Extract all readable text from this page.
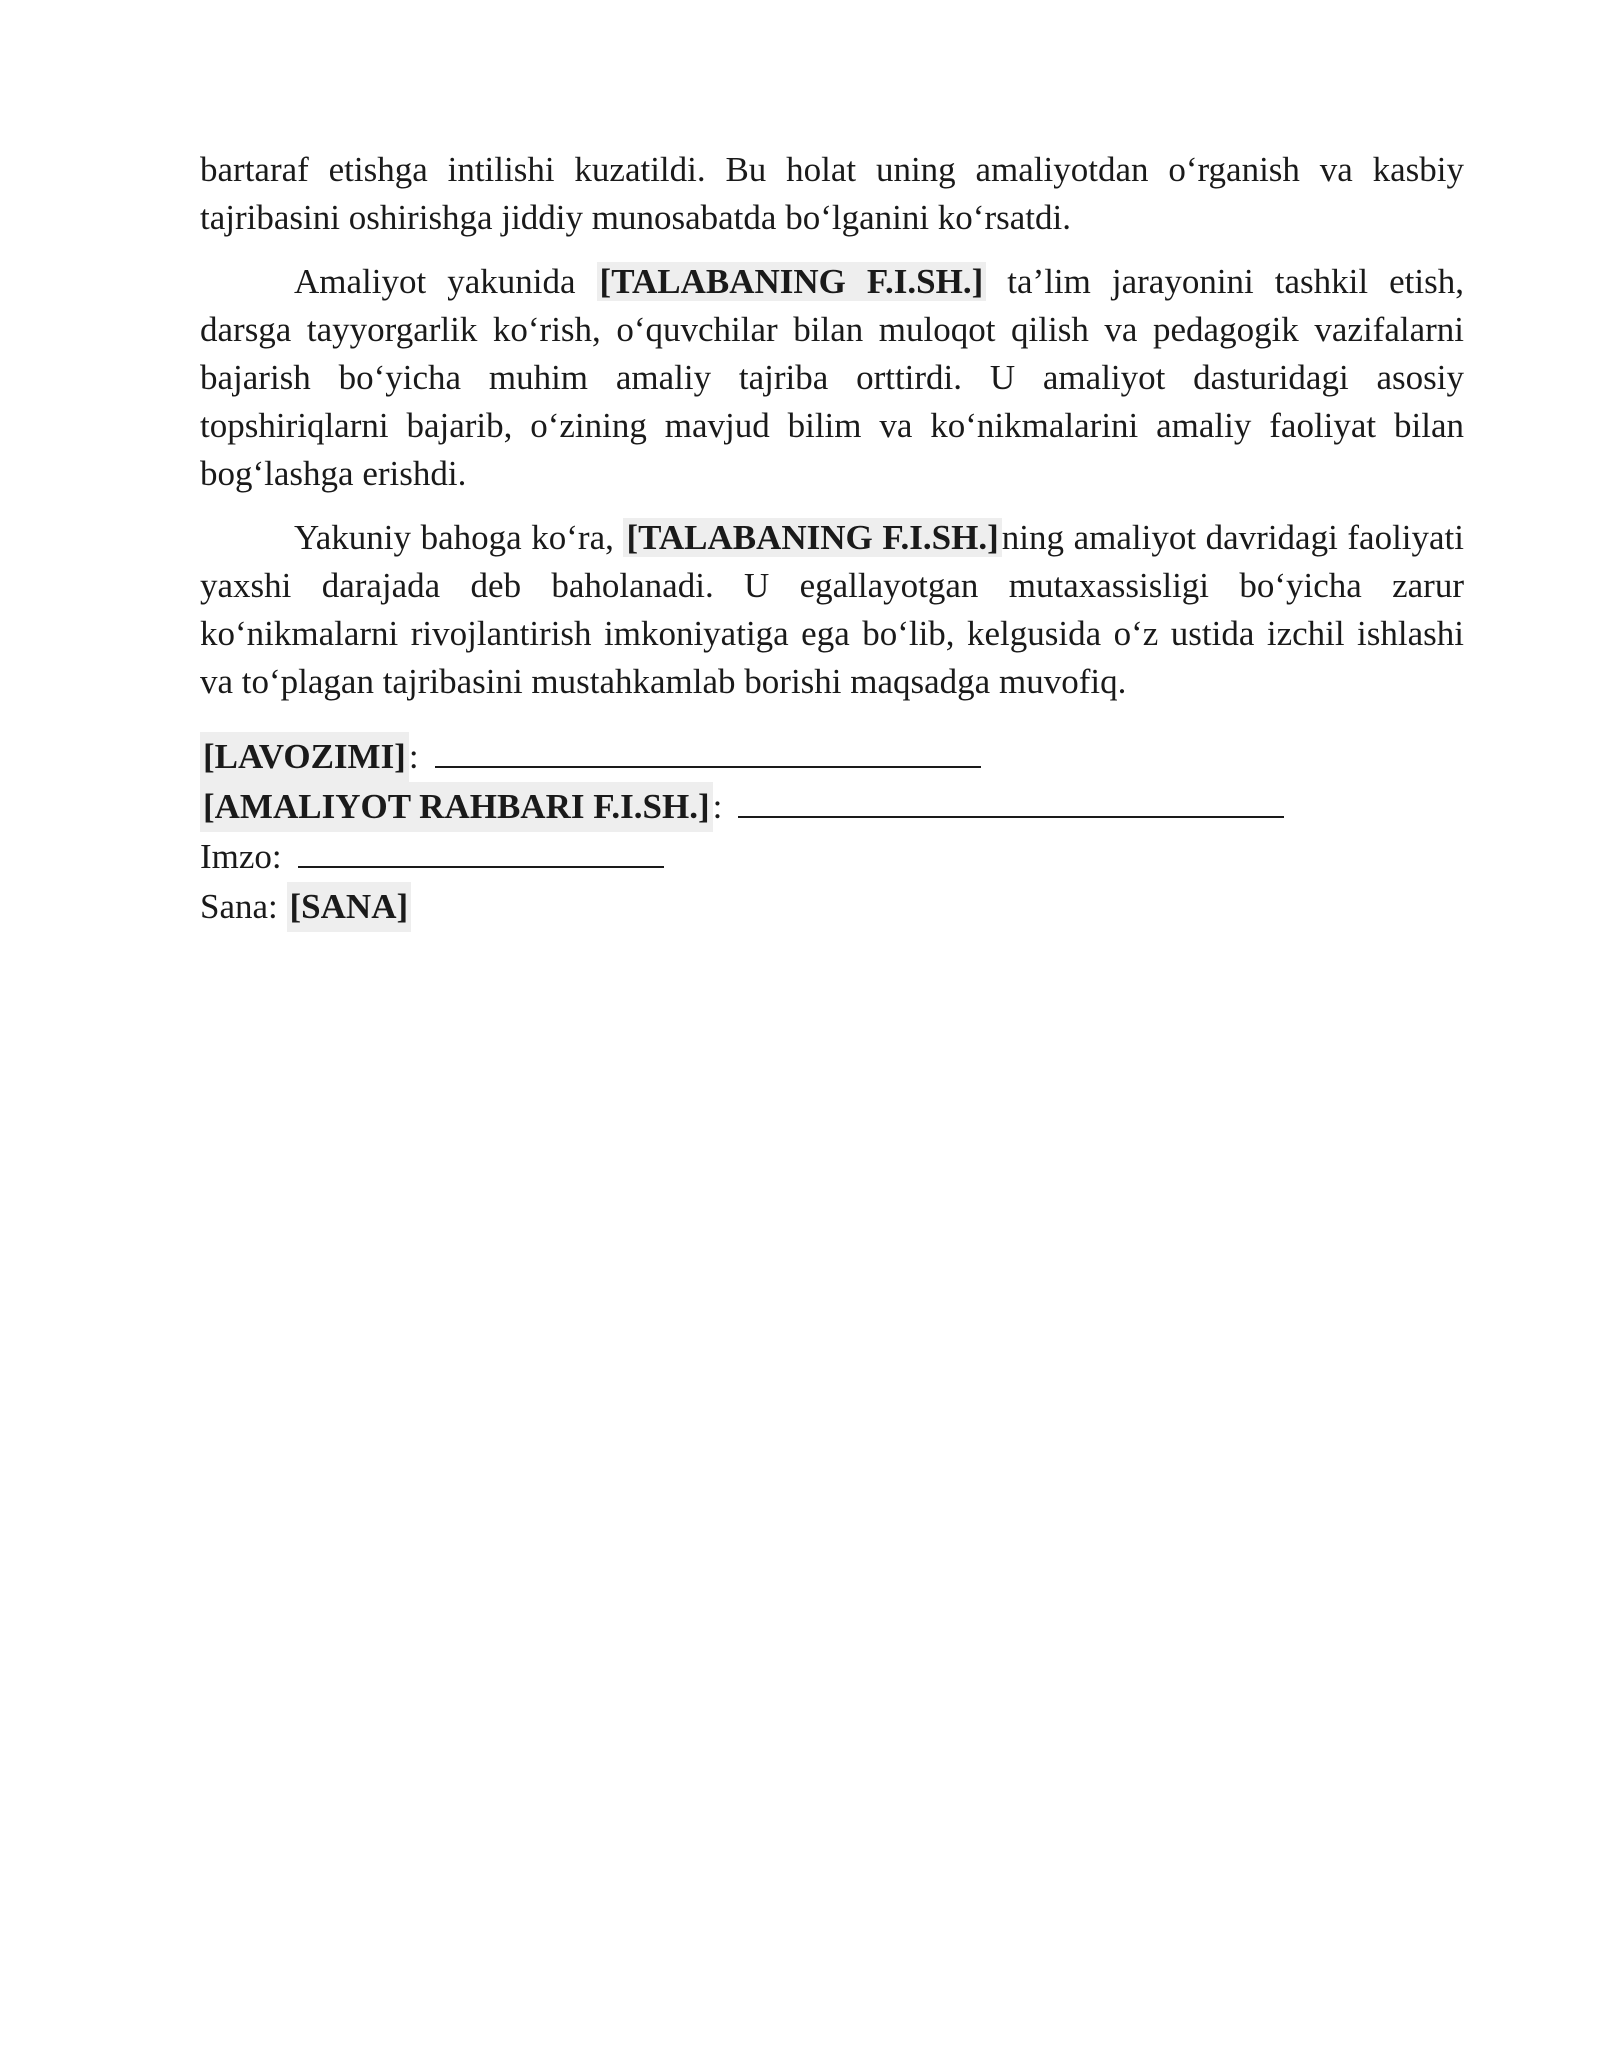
bartaraf etishga intilishi kuzatildi. Bu holat uning amaliyotdan o‘rganish va kasbiy tajribasini oshirishga jiddiy munosabatda bo‘lganini ko‘rsatdi.

Amaliyot yakunida [TALABANING F.I.SH.] ta’lim jarayonini tashkil etish, darsga tayyorgarlik ko‘rish, o‘quvchilar bilan muloqot qilish va pedagogik vazifalarni bajarish bo‘yicha muhim amaliy tajriba orttirdi. U amaliyot dasturidagi asosiy topshiriqlarni bajarib, o‘zining mavjud bilim va ko‘nikmalarini amaliy faoliyat bilan bog‘lashga erishdi.

Yakuniy bahoga ko‘ra, [TALABANING F.I.SH.]ning amaliyot davridagi faoliyati yaxshi darajada deb baholanadi. U egallayotgan mutaxassisligi bo‘yicha zarur ko‘nikmalarni rivojlantirish imkoniyatiga ega bo‘lib, kelgusida o‘z ustida izchil ishlashi va to‘plagan tajribasini mustahkamlab borishi maqsadga muvofiq.

[LAVOZIMI] :
[AMALIYOT RAHBARI F.I.SH.] :
Imzo:
Sana: [SANA]
